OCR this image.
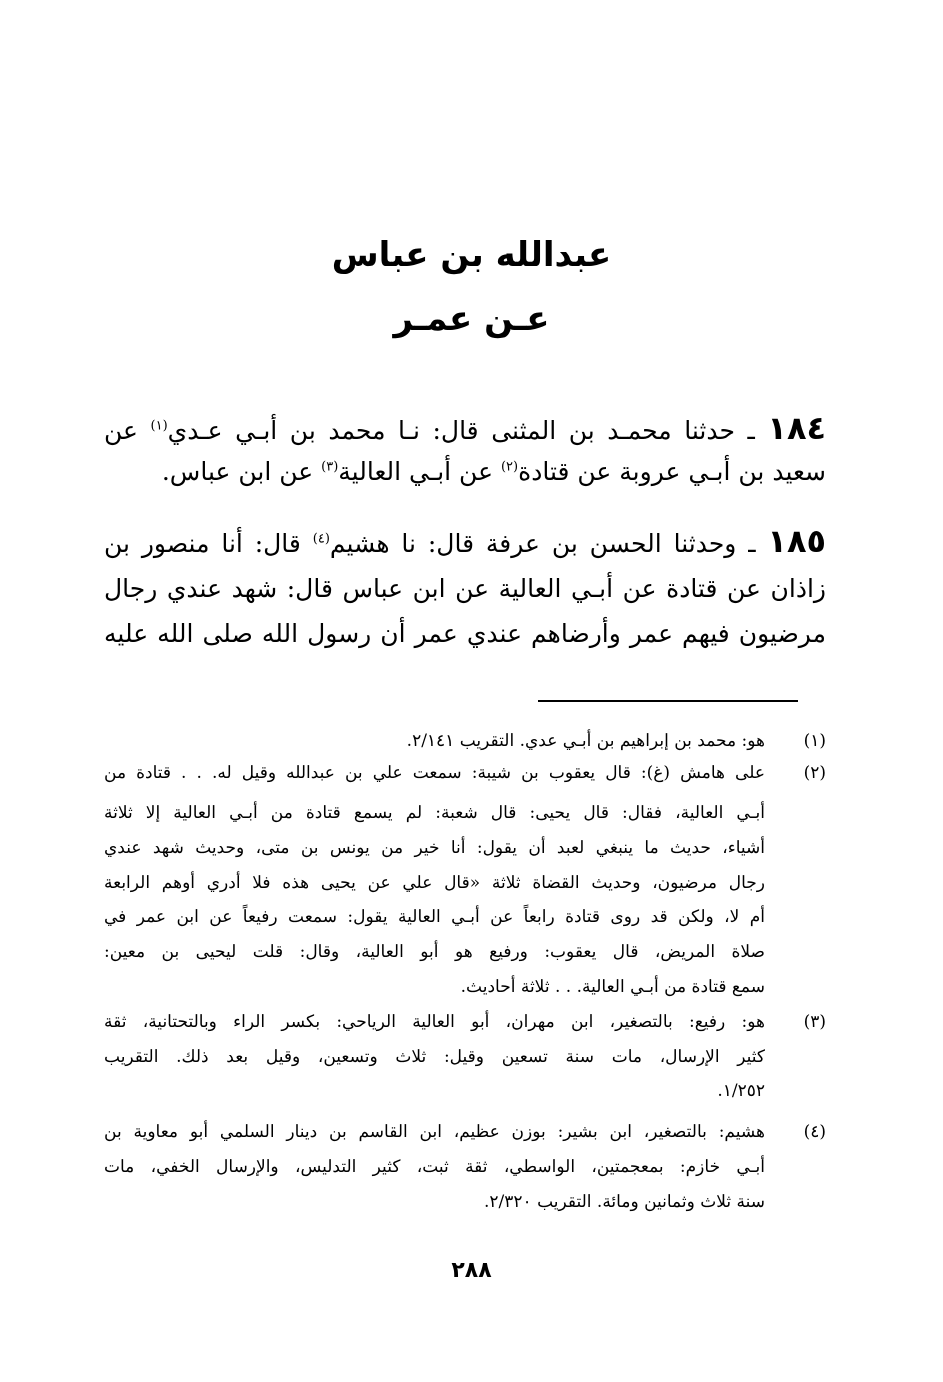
عبدالله بن عباس
عـن عمـر
١٨٤ ـ حدثنا محمـد بن المثنى قال: نـا محمد بن أبـي عـدي$^{(١)}$ عن
سعيد بن أبـي عروبة عن قتادة$^{(٢)}$ عن أبـي العالية$^{(٣)}$ عن ابن عباس.
١٨٥ ـ وحدثنا الحسن بن عرفة قال: نا هشيم$^{(٤)}$ قال: أنا منصور بن
زاذان عن قتادة عن أبـي العالية عن ابن عباس قال: شهد عندي رجال
مرضيون فيهم عمر وأرضاهم عندي عمر أن رسول الله صلى الله عليه
(١)هو: محمد بن إبراهيم بن أبـي عدي. التقريب ٢/١٤١.
(٢)على هامش (غ): قال يعقوب بن شيبة: سمعت علي بن عبدالله وقيل له. . . قتادة من
أبـي العالية، فقال: قال يحيى: قال شعبة: لم يسمع قتادة من أبـي العالية إلا ثلاثة
أشياء، حديث ما ينبغي لعبد أن يقول: أنا خير من يونس بن متى، وحديث شهد عندي
رجال مرضيون، وحديث القضاة ثلاثة «قال علي عن يحيى هذه فلا أدري أوهم الرابعة
أم لا، ولكن قد روى قتادة رابعاً عن أبـي العالية يقول: سمعت رفيعاً عن ابن عمر في
صلاة المريض، قال يعقوب: ورفيع هو أبو العالية، وقال: قلت ليحيى بن معين:
سمع قتادة من أبـي العالية. . . ثلاثة أحاديث.
(٣)هو: رفيع: بالتصغير، ابن مهران، أبو العالية الرياحي: بكسر الراء وبالتحتانية، ثقة
كثير الإرسال، مات سنة تسعين وقيل: ثلاث وتسعين، وقيل بعد ذلك. التقريب
١/٢٥٢.
(٤)هشيم: بالتصغير، ابن بشير: بوزن عظيم، ابن القاسم بن دينار السلمي أبو معاوية بن
أبـي خازم: بمعجمتين، الواسطي، ثقة ثبت، كثير التدليس، والإرسال الخفي، مات
سنة ثلاث وثمانين ومائة. التقريب ٢/٣٢٠.
٢٨٨
